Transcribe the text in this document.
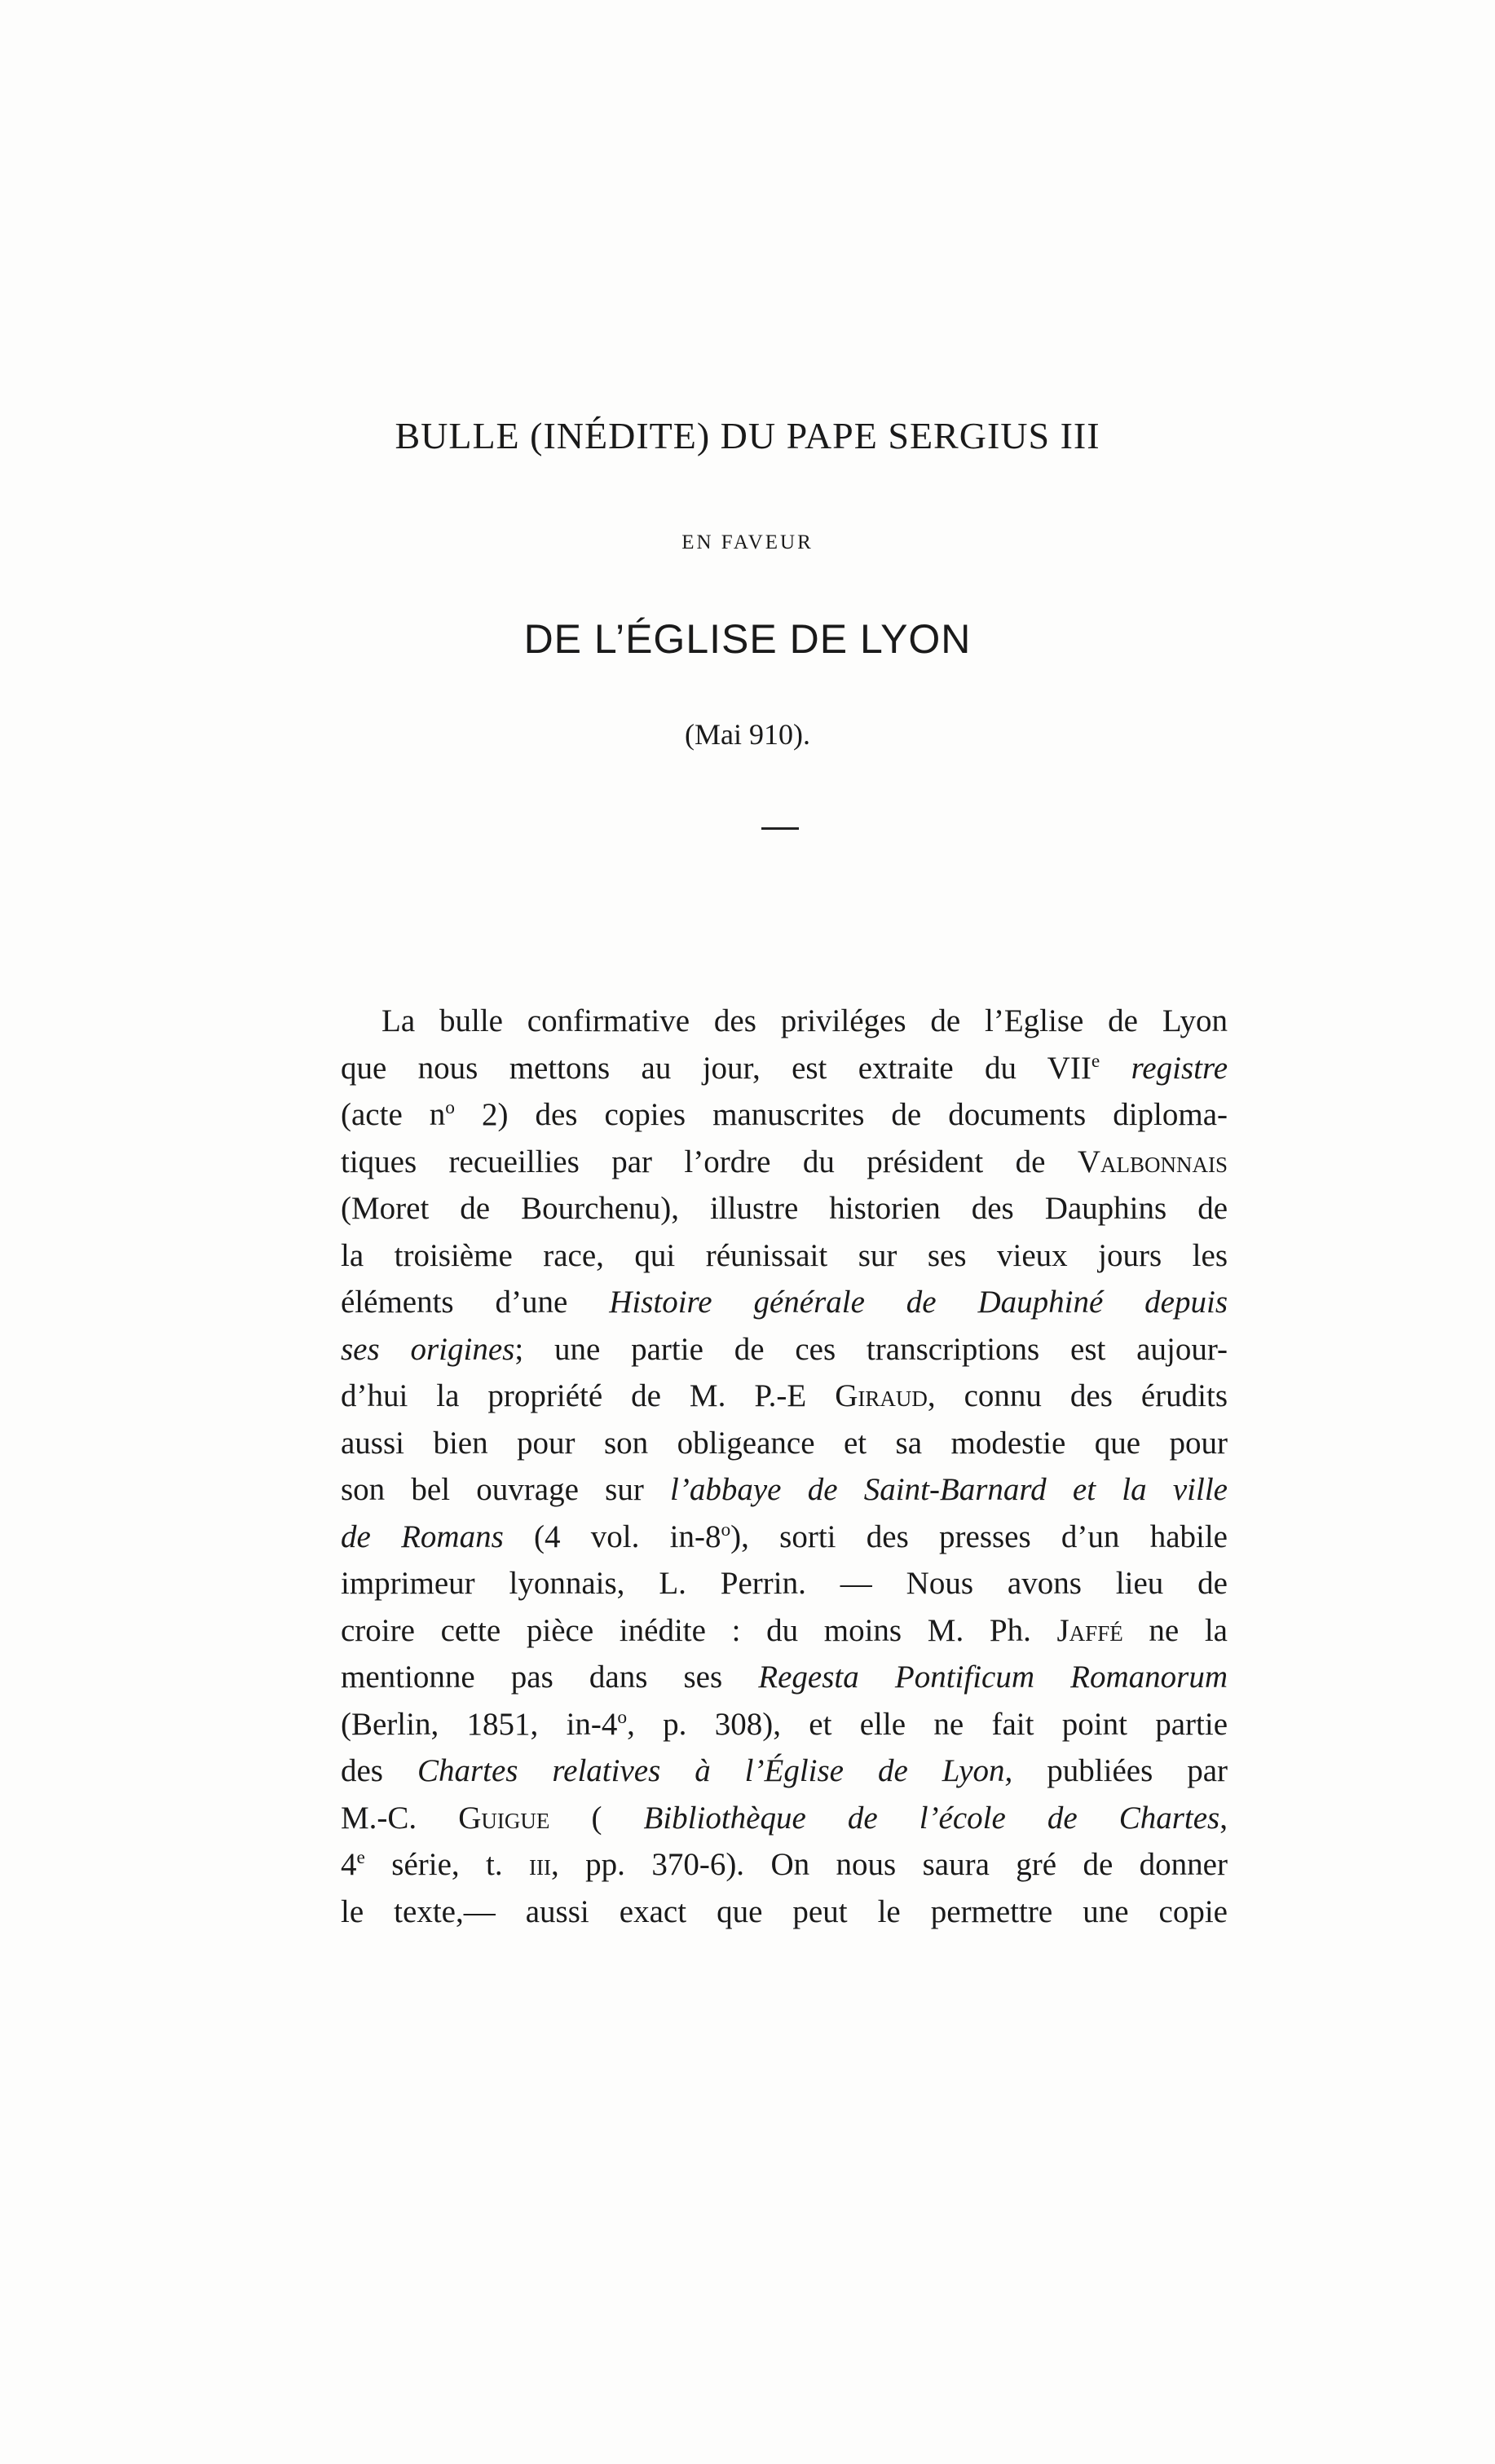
BULLE (INÉDITE) DU PAPE SERGIUS III
EN FAVEUR
DE L’ÉGLISE DE LYON
(Mai 910).
La bulle confirmative des priviléges de l’Eglise de Lyon
que nous mettons au jour, est extraite du VIIe registre
(acte $n^o$ 2) des copies manuscrites de documents diploma-
tiques recueillies par l’ordre du président de Valbonnais
(Moret de Bourchenu), illustre historien des Dauphins de
la troisième race, qui réunissait sur ses vieux jours les
éléments d’une Histoire générale de Dauphiné depuis
ses origines; une partie de ces transcriptions est aujour-
d’hui la propriété de M. P.-E Giraud, connu des érudits
aussi bien pour son obligeance et sa modestie que pour
son bel ouvrage sur l’abbaye de Saint-Barnard et la ville
de Romans (4 vol. in-8$^o$), sorti des presses d’un habile
imprimeur lyonnais, L. Perrin. — Nous avons lieu de
croire cette pièce inédite : du moins M. Ph. Jaffé ne la
mentionne pas dans ses Regesta Pontificum Romanorum
(Berlin, 1851, in-4$^o$, p. 308), et elle ne fait point partie
des Chartes relatives à l’Église de Lyon, publiées par
M.-C. Guigue ( Bibliothèque de l’école de Chartes,
4e série, t. iii, pp. 370-6). On nous saura gré de donner
le texte,— aussi exact que peut le permettre une copie
